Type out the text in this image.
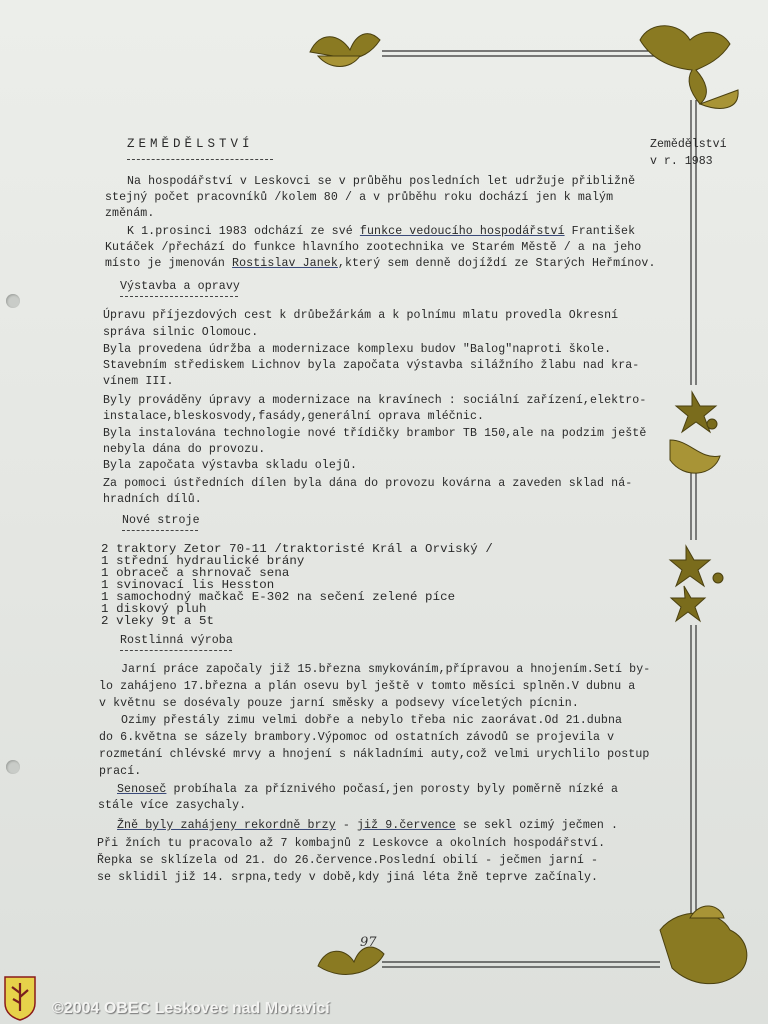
Zemědělství
v r. 1983
ZEMĚDĚLSTVÍ
Na hospodářství v Leskovci se v průběhu posledních let udržuje přibližně
stejný počet pracovníků /kolem 80 / a v průběhu roku dochází jen k malým
změnám.
K 1.prosinci 1983 odchází ze své funkce vedoucího hospodářství František
Kutáček /přechází do funkce hlavního zootechnika ve Starém Městě / a na jeho
místo je jmenován Rostislav Janek,který sem denně dojíždí ze Starých Heřmínov.
Výstavba a opravy
Úpravu příjezdových cest k drůbežárkám a k polnímu mlatu provedla Okresní
správa silnic Olomouc.
Byla provedena údržba a modernizace komplexu budov "Balog"naproti škole.
Stavebním střediskem Lichnov byla započata výstavba silážního žlabu nad kra-
vínem III.
Byly prováděny úpravy a modernizace na kravínech : sociální zařízení,elektro-
instalace,bleskosvody,fasády,generální oprava mléčnic.
Byla instalována technologie nové třídičky brambor TB 150,ale na podzim ještě
nebyla dána do provozu.
Byla započata výstavba skladu olejů.
Za pomoci ústředních dílen byla dána do provozu kovárna a zaveden sklad ná-
hradních dílů.
Nové stroje
2 traktory Zetor 70-11 /traktoristé Král a Orviský /
1 střední hydraulické brány
1 obraceč a shrnovač sena
1 svinovací lis Hesston
1 samochodný mačkač E-302 na sečení zelené píce
1 diskový pluh
2 vleky 9t a 5t
Rostlinná výroba
Jarní práce započaly již 15.března smykováním,přípravou a hnojením.Setí by-
lo zahájeno 17.března a plán osevu byl ještě v tomto měsíci splněn.V dubnu a
v květnu se dosévaly pouze jarní směsky a podsevy víceletých pícnin.
Ozimy přestály zimu velmi dobře a nebylo třeba nic zaorávat.Od 21.dubna
do 6.května se sázely brambory.Výpomoc od ostatních závodů se projevila v
rozmetání chlévské mrvy a hnojení s nákladními auty,což velmi urychlilo postup
prací.
Senoseč probíhala za příznivého počasí,jen porosty byly poměrně nízké a
stále více zasychaly.
Žně byly zahájeny rekordně brzy - již 9.července se sekl ozimý ječmen .
Při žních tu pracovalo až 7 kombajnů z Leskovce a okolních hospodářství.
Řepka se sklízela od 21. do 26.července.Poslední obilí - ječmen jarní -
se sklidil již 14. srpna,tedy v době,kdy jiná léta žně teprve začínaly.
97
©2004 OBEC Leskovec nad Moravicí
